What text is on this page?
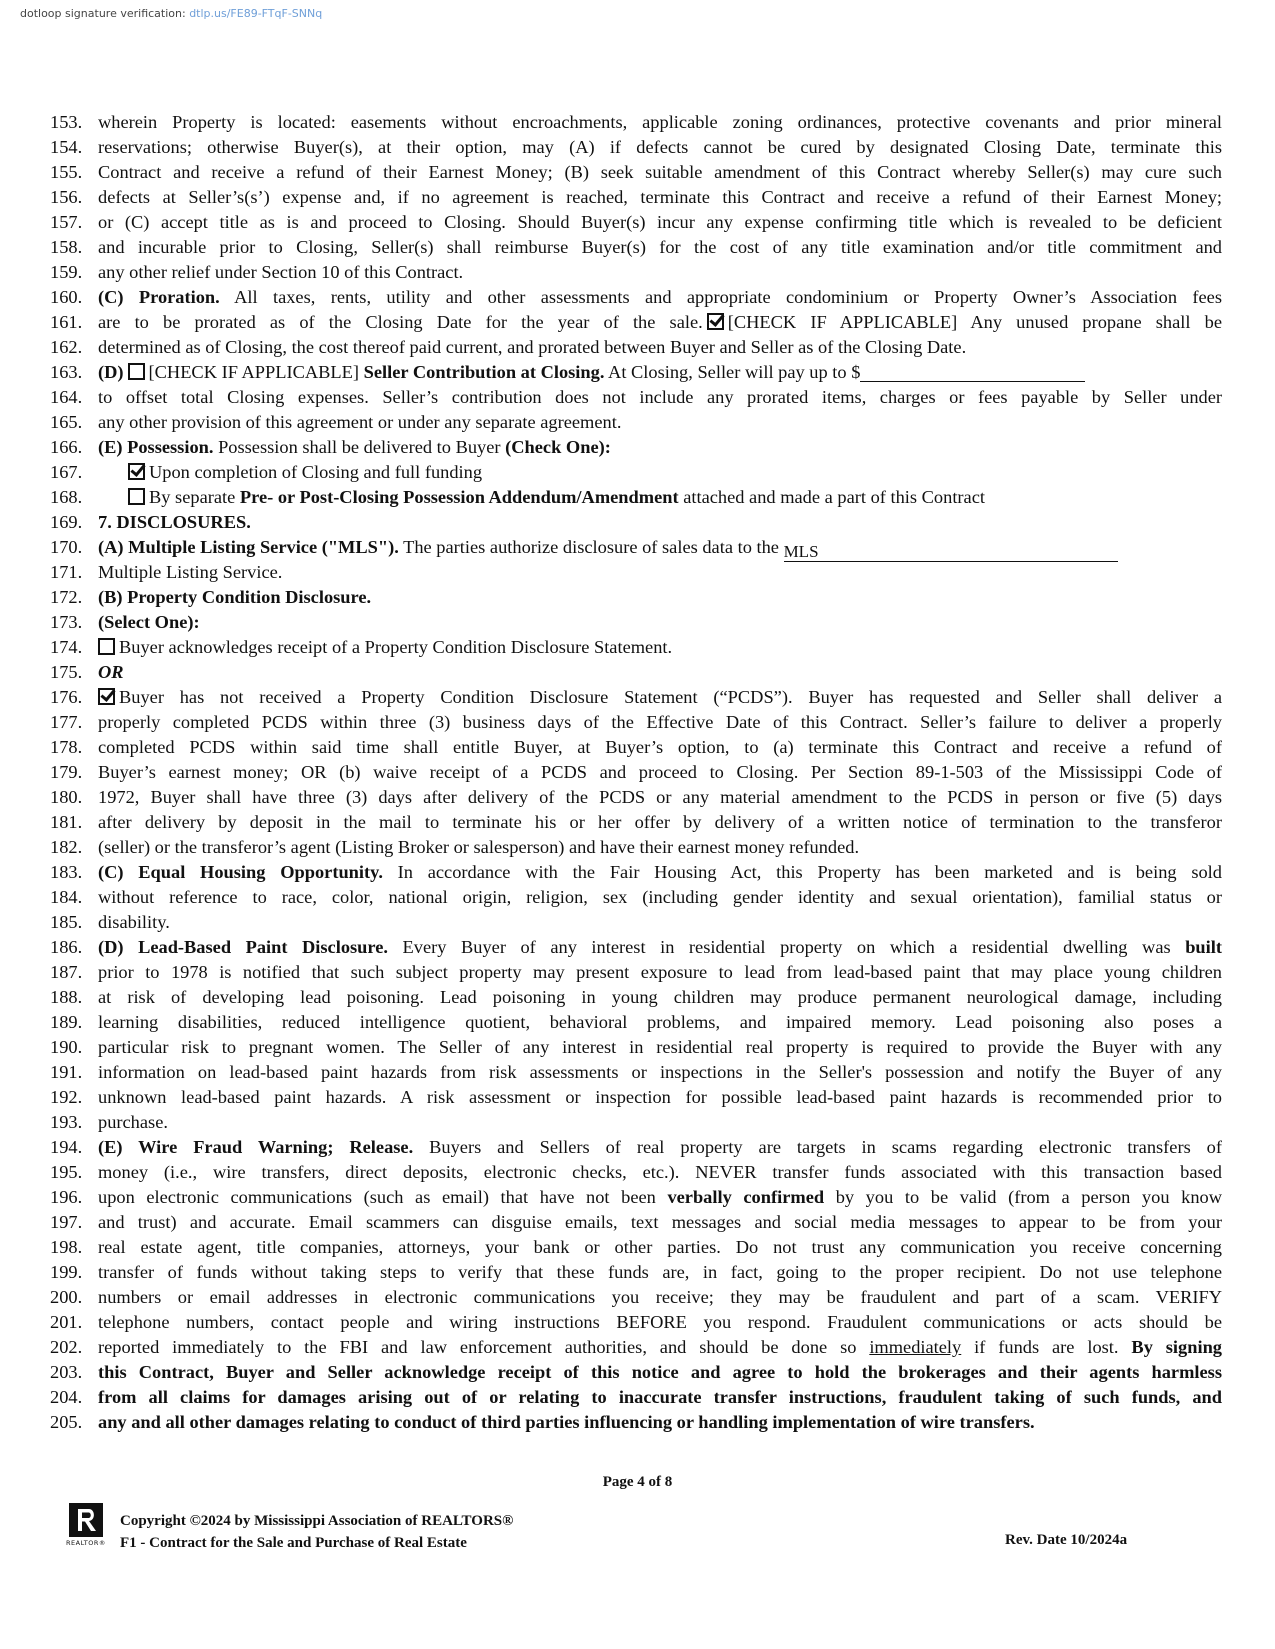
dotloop signature verification: dtlp.us/FE89-FTqF-SNNq
153. wherein Property is located: easements without encroachments, applicable zoning ordinances, protective covenants and prior mineral
154. reservations; otherwise Buyer(s), at their option, may (A) if defects cannot be cured by designated Closing Date, terminate this
155. Contract and receive a refund of their Earnest Money; (B) seek suitable amendment of this Contract whereby Seller(s) may cure such
156. defects at Seller’s(s’) expense and, if no agreement is reached, terminate this Contract and receive a refund of their Earnest Money;
157. or (C) accept title as is and proceed to Closing. Should Buyer(s) incur any expense confirming title which is revealed to be deficient
158. and incurable prior to Closing, Seller(s) shall reimburse Buyer(s) for the cost of any title examination and/or title commitment and
159. any other relief under Section 10 of this Contract.
160. (C) Proration. All taxes, rents, utility and other assessments and appropriate condominium or Property Owner’s Association fees
161. are to be prorated as of the Closing Date for the year of the sale. [CHECK IF APPLICABLE] Any unused propane shall be
162. determined as of Closing, the cost thereof paid current, and prorated between Buyer and Seller as of the Closing Date.
163. (D) [CHECK IF APPLICABLE] Seller Contribution at Closing. At Closing, Seller will pay up to $
164. to offset total Closing expenses. Seller’s contribution does not include any prorated items, charges or fees payable by Seller under
165. any other provision of this agreement or under any separate agreement.
166. (E) Possession. Possession shall be delivered to Buyer (Check One):
167.	Upon completion of Closing and full funding
168.	By separate Pre- or Post-Closing Possession Addendum/Amendment attached and made a part of this Contract
169. 7. DISCLOSURES.
170. (A) Multiple Listing Service ("MLS"). The parties authorize disclosure of sales data to the MLS
171. Multiple Listing Service.
172. (B) Property Condition Disclosure.
173. (Select One):
174.	Buyer acknowledges receipt of a Property Condition Disclosure Statement.
175. OR
176.	Buyer has not received a Property Condition Disclosure Statement (“PCDS”). Buyer has requested and Seller shall deliver a
177. properly completed PCDS within three (3) business days of the Effective Date of this Contract. Seller’s failure to deliver a properly
178. completed PCDS within said time shall entitle Buyer, at Buyer’s option, to (a) terminate this Contract and receive a refund of
179. Buyer’s earnest money; OR (b) waive receipt of a PCDS and proceed to Closing. Per Section 89-1-503 of the Mississippi Code of
180. 1972, Buyer shall have three (3) days after delivery of the PCDS or any material amendment to the PCDS in person or five (5) days
181. after delivery by deposit in the mail to terminate his or her offer by delivery of a written notice of termination to the transferor
182. (seller) or the transferor’s agent (Listing Broker or salesperson) and have their earnest money refunded.
183. (C) Equal Housing Opportunity. In accordance with the Fair Housing Act, this Property has been marketed and is being sold
184. without reference to race, color, national origin, religion, sex (including gender identity and sexual orientation), familial status or
185. disability.
186. (D) Lead-Based Paint Disclosure. Every Buyer of any interest in residential property on which a residential dwelling was built
187. prior to 1978 is notified that such subject property may present exposure to lead from lead-based paint that may place young children
188. at risk of developing lead poisoning. Lead poisoning in young children may produce permanent neurological damage, including
189. learning disabilities, reduced intelligence quotient, behavioral problems, and impaired memory. Lead poisoning also poses a
190. particular risk to pregnant women. The Seller of any interest in residential real property is required to provide the Buyer with any
191. information on lead-based paint hazards from risk assessments or inspections in the Seller's possession and notify the Buyer of any
192. unknown lead-based paint hazards. A risk assessment or inspection for possible lead-based paint hazards is recommended prior to
193. purchase.
194. (E) Wire Fraud Warning; Release. Buyers and Sellers of real property are targets in scams regarding electronic transfers of
195. money (i.e., wire transfers, direct deposits, electronic checks, etc.). NEVER transfer funds associated with this transaction based
196. upon electronic communications (such as email) that have not been verbally confirmed by you to be valid (from a person you know
197. and trust) and accurate. Email scammers can disguise emails, text messages and social media messages to appear to be from your
198. real estate agent, title companies, attorneys, your bank or other parties. Do not trust any communication you receive concerning
199. transfer of funds without taking steps to verify that these funds are, in fact, going to the proper recipient. Do not use telephone
200. numbers or email addresses in electronic communications you receive; they may be fraudulent and part of a scam. VERIFY
201. telephone numbers, contact people and wiring instructions BEFORE you respond. Fraudulent communications or acts should be
202. reported immediately to the FBI and law enforcement authorities, and should be done so immediately if funds are lost. By signing
203. this Contract, Buyer and Seller acknowledge receipt of this notice and agree to hold the brokerages and their agents harmless
204. from all claims for damages arising out of or relating to inaccurate transfer instructions, fraudulent taking of such funds, and
205. any and all other damages relating to conduct of third parties influencing or handling implementation of wire transfers.
Page 4 of 8
REALTOR®
Copyright ©2024 by Mississippi Association of REALTORS®
F1 - Contract for the Sale and Purchase of Real Estate	Rev. Date 10/2024a
